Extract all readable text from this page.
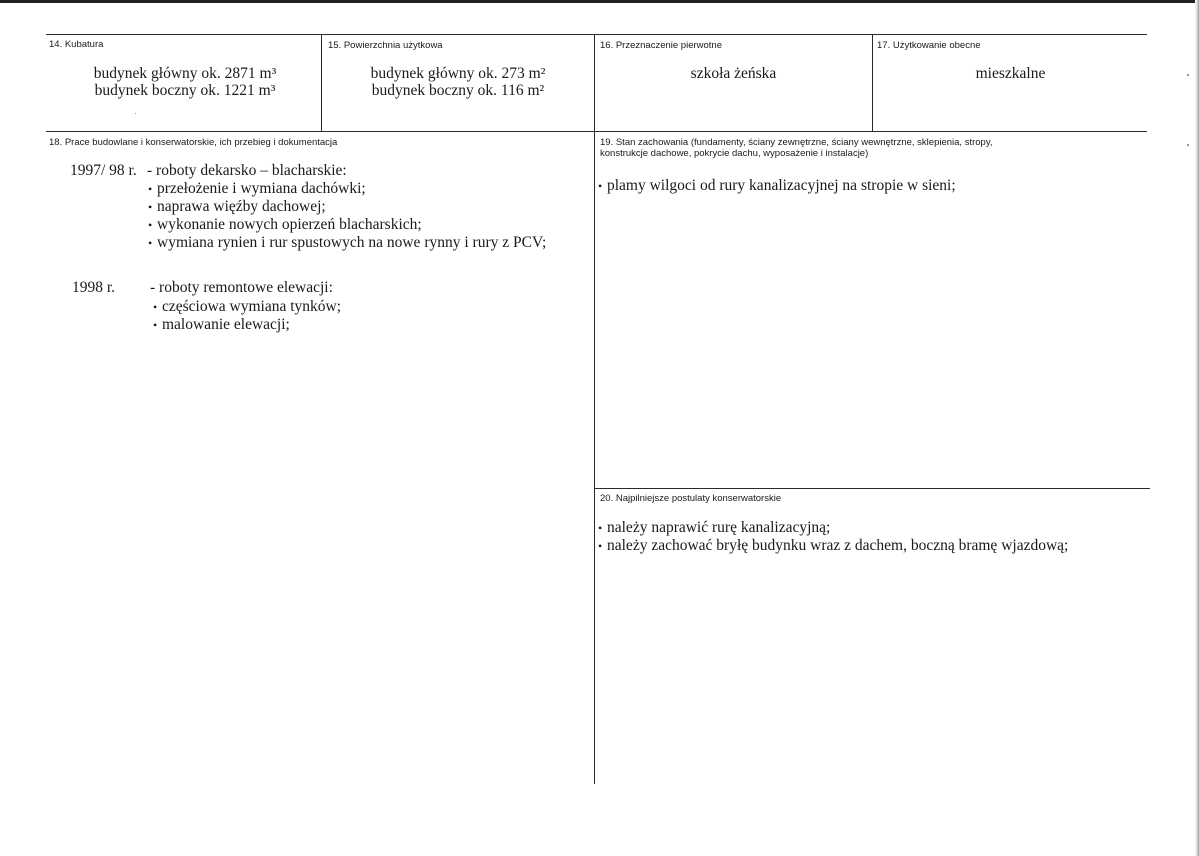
14. Kubatura
budynek główny ok. 2871 m³
budynek boczny ok. 1221 m³
15. Powierzchnia użytkowa
budynek główny ok. 273 m²
budynek boczny ok. 116 m²
16. Przeznaczenie pierwotne
szkoła żeńska
17. Użytkowanie obecne
mieszkalne
18. Prace budowlane i konserwatorskie, ich przebieg i dokumentacja
1997/ 98 r. - roboty dekarsko – blacharskie:
• przełożenie i wymiana dachówki;
• naprawa więźby dachowej;
• wykonanie nowych opierzeń blacharskich;
• wymiana rynien i rur spustowych na nowe rynny i rury z PCV;
1998 r. - roboty remontowe elewacji:
• częściowa wymiana tynków;
• malowanie elewacji;
19. Stan zachowania (fundamenty, ściany zewnętrzne, ściany wewnętrzne, sklepienia, stropy,
konstrukcje dachowe, pokrycie dachu, wyposażenie i instalacje)
• plamy wilgoci od rury kanalizacyjnej na stropie w sieni;
20. Najpilniejsze postulaty konserwatorskie
• należy naprawić rurę kanalizacyjną;
• należy zachować bryłę budynku wraz z dachem, boczną bramę wjazdową;
